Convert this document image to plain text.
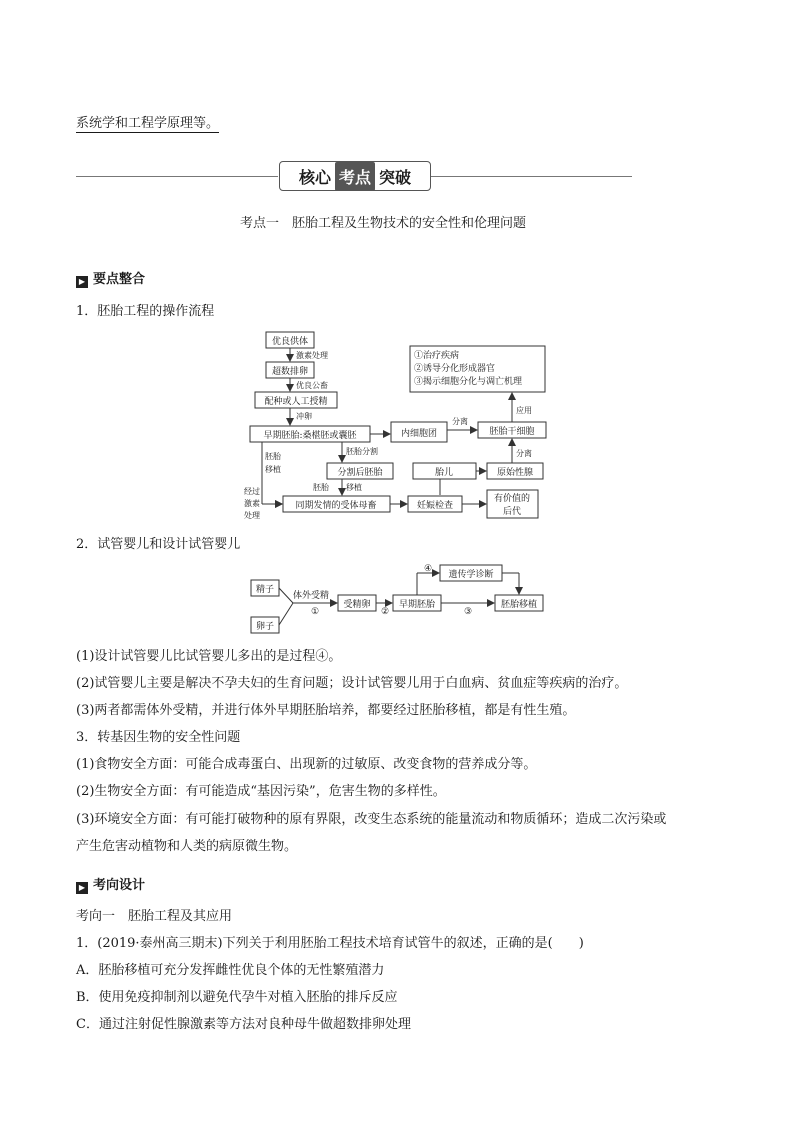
系统学和工程学原理等。
核心 考点 突破
考点一　胚胎工程及生物技术的安全性和伦理问题
▶ 要点整合
1．胚胎工程的操作流程
优良供体
激素处理
超数排卵
优良公畜
配种或人工授精
冲卵
早期胚胎:桑椹胚或囊胚
胚胎分割
分割后胚胎
胚胎 移植
胚胎
移植
经过
激素
处理
同期发情的受体母畜	妊娠检查
有价值的
后代
内细胞团
分离
胚胎干细胞
应用
分离
胎儿	原始性腺
①治疗疾病
②诱导分化形成器官
③揭示细胞分化与凋亡机理
2．试管婴儿和设计试管婴儿
精子
卵子
体外受精
①
受精卵
②
早期胚胎
③
胚胎移植
④
遗传学诊断
(1)设计试管婴儿比试管婴儿多出的是过程④。
(2)试管婴儿主要是解决不孕夫妇的生育问题；设计试管婴儿用于白血病、贫血症等疾病的治疗。
(3)两者都需体外受精，并进行体外早期胚胎培养，都要经过胚胎移植，都是有性生殖。
3．转基因生物的安全性问题
(1)食物安全方面：可能合成毒蛋白、出现新的过敏原、改变食物的营养成分等。
(2)生物安全方面：有可能造成“基因污染”，危害生物的多样性。
(3)环境安全方面：有可能打破物种的原有界限，改变生态系统的能量流动和物质循环；造成二次污染或
产生危害动植物和人类的病原微生物。
▶ 考向设计
考向一　胚胎工程及其应用
1．(2019·泰州高三期末)下列关于利用胚胎工程技术培育试管牛的叙述，正确的是(　　)
A．胚胎移植可充分发挥雌性优良个体的无性繁殖潜力
B．使用免疫抑制剂以避免代孕牛对植入胚胎的排斥反应
C．通过注射促性腺激素等方法对良种母牛做超数排卵处理
